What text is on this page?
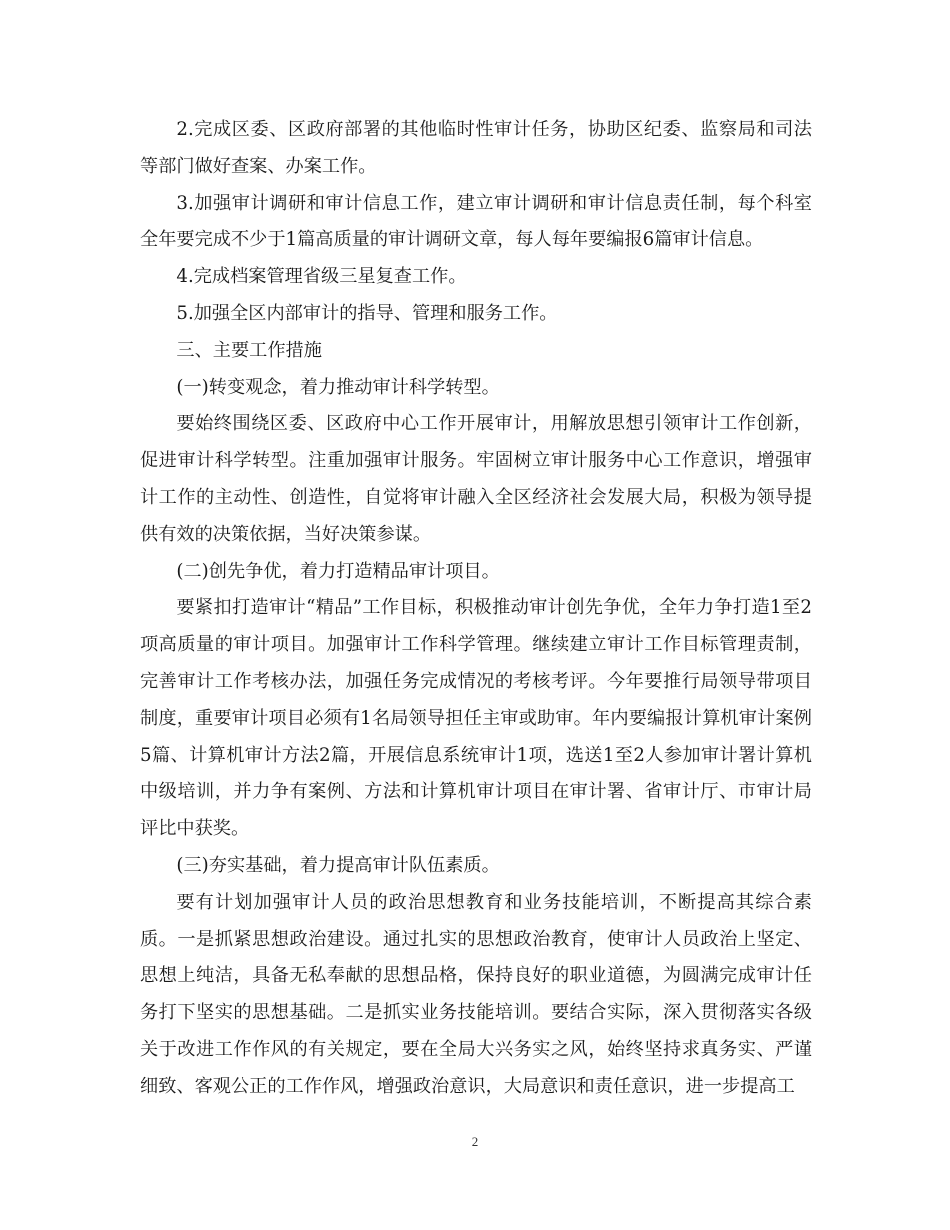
2.完成区委、区政府部署的其他临时性审计任务，协助区纪委、监察局和司法等部门做好查案、办案工作。

3.加强审计调研和审计信息工作，建立审计调研和审计信息责任制，每个科室全年要完成不少于1篇高质量的审计调研文章，每人每年要编报6篇审计信息。

4.完成档案管理省级三星复查工作。

5.加强全区内部审计的指导、管理和服务工作。

三、主要工作措施

(一)转变观念，着力推动审计科学转型。

要始终围绕区委、区政府中心工作开展审计，用解放思想引领审计工作创新，促进审计科学转型。注重加强审计服务。牢固树立审计服务中心工作意识，增强审计工作的主动性、创造性，自觉将审计融入全区经济社会发展大局，积极为领导提供有效的决策依据，当好决策参谋。

(二)创先争优，着力打造精品审计项目。

要紧扣打造审计“精品”工作目标，积极推动审计创先争优，全年力争打造1至2项高质量的审计项目。加强审计工作科学管理。继续建立审计工作目标管理责制，完善审计工作考核办法，加强任务完成情况的考核考评。今年要推行局领导带项目制度，重要审计项目必须有1名局领导担任主审或助审。年内要编报计算机审计案例5篇、计算机审计方法2篇，开展信息系统审计1项，选送1至2人参加审计署计算机中级培训，并力争有案例、方法和计算机审计项目在审计署、省审计厅、市审计局评比中获奖。

(三)夯实基础，着力提高审计队伍素质。

要有计划加强审计人员的政治思想教育和业务技能培训，不断提高其综合素质。一是抓紧思想政治建设。通过扎实的思想政治教育，使审计人员政治上坚定、思想上纯洁，具备无私奉献的思想品格，保持良好的职业道德，为圆满完成审计任务打下坚实的思想基础。二是抓实业务技能培训。要结合实际，深入贯彻落实各级关于改进工作作风的有关规定，要在全局大兴务实之风，始终坚持求真务实、严谨细致、客观公正的工作作风，增强政治意识，大局意识和责任意识，进一步提高工

2
